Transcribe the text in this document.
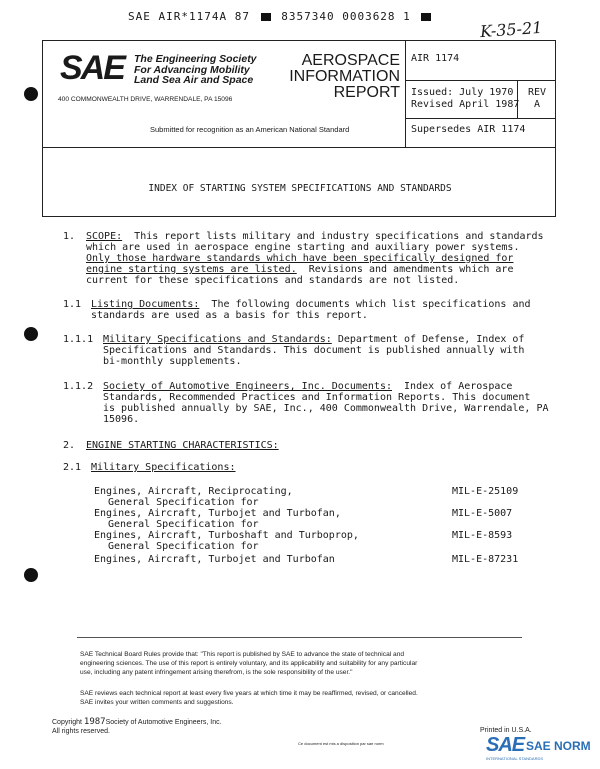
SAE AIR*1174A 87	8357340 0003628 1
K-35-21
SAE The Engineering Society
For Advancing Mobility
Land Sea Air and Space
400 COMMONWEALTH DRIVE, WARRENDALE, PA 15096
AEROSPACE
INFORMATION
REPORT
Submitted for recognition as an American National Standard
AIR 1174
Issued: July 1970
Revised April 1987
REV
A
Supersedes AIR 1174
INDEX OF STARTING SYSTEM SPECIFICATIONS AND STANDARDS
1. SCOPE: This report lists military and industry specifications and standards
which are used in aerospace engine starting and auxiliary power systems.
Only those hardware standards which have been specifically designed for
engine starting systems are listed. Revisions and amendments which are
current for these specifications and standards are not listed.
1.1 Listing Documents: The following documents which list specifications and
standards are used as a basis for this report.
1.1.1 Military Specifications and Standards: Department of Defense, Index of
Specifications and Standards. This document is published annually with
bi-monthly supplements.
1.1.2 Society of Automotive Engineers, Inc. Documents: Index of Aerospace
Standards, Recommended Practices and Information Reports. This document
is published annually by SAE, Inc., 400 Commonwealth Drive, Warrendale, PA
15096.
2. ENGINE STARTING CHARACTERISTICS:
2.1 Military Specifications:
Engines, Aircraft, Reciprocating,
General Specification for
MIL-E-25109
Engines, Aircraft, Turbojet and Turbofan,
General Specification for
MIL-E-5007
Engines, Aircraft, Turboshaft and Turboprop,
General Specification for
MIL-E-8593
Engines, Aircraft, Turbojet and Turbofan	MIL-E-87231
SAE Technical Board Rules provide that: "This report is published by SAE to advance the state of technical and
engineering sciences. The use of this report is entirely voluntary, and its applicability and suitability for any particular
use, including any patent infringement arising therefrom, is the sole responsibility of the user."
SAE reviews each technical report at least every five years at which time it may be reaffirmed, revised, or cancelled.
SAE invites your written comments and suggestions.
Copyright 1987Society of Automotive Engineers, Inc.
All rights reserved.	Printed in U.S.A.
Ce document est mis a disposition par sae norm	SAE SAE NORM
INTERNATIONAL STANDARDS
